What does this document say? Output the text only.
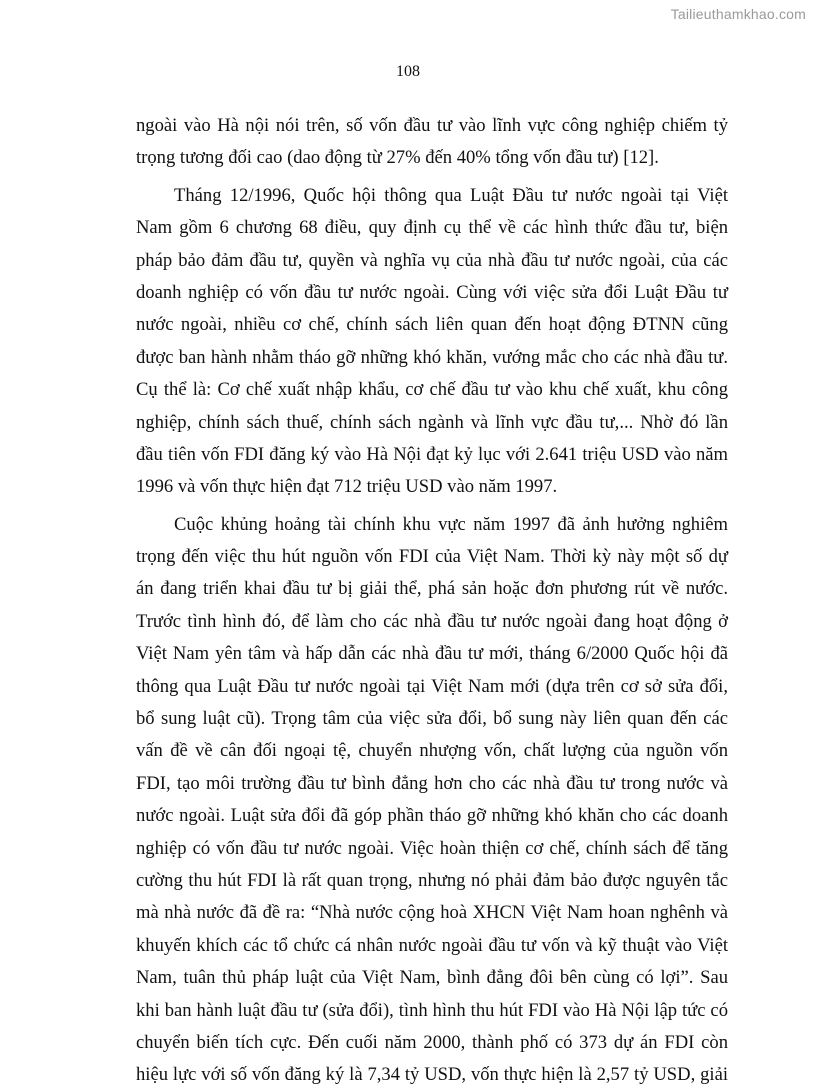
Tailieuthamkhao.com
108
ngoài vào Hà nội nói trên, số vốn đầu tư vào lĩnh vực công nghiệp chiếm tỷ
trọng tương đối cao (dao động từ 27% đến 40% tổng vốn đầu tư) [12].
Tháng 12/1996, Quốc hội thông qua Luật Đầu tư nước ngoài tại Việt
Nam gồm 6 chương 68 điều, quy định cụ thể về các hình thức đầu tư, biện
pháp bảo đảm đầu tư, quyền và nghĩa vụ của nhà đầu tư nước ngoài, của các
doanh nghiệp có vốn đầu tư nước ngoài. Cùng với việc sửa đổi Luật Đầu tư
nước ngoài, nhiều cơ chế, chính sách liên quan đến hoạt động ĐTNN cũng
được ban hành nhằm tháo gỡ những khó khăn, vướng mắc cho các nhà đầu tư.
Cụ thể là: Cơ chế xuất nhập khẩu, cơ chế đầu tư vào khu chế xuất, khu công
nghiệp, chính sách thuế, chính sách ngành và lĩnh vực đầu tư,... Nhờ đó lần
đầu tiên vốn FDI đăng ký vào Hà Nội đạt kỷ lục với 2.641 triệu USD vào năm
1996 và vốn thực hiện đạt 712 triệu USD vào năm 1997.
Cuộc khủng hoảng tài chính khu vực năm 1997 đã ảnh hưởng nghiêm
trọng đến việc thu hút nguồn vốn FDI của Việt Nam. Thời kỳ này một số dự
án đang triển khai đầu tư bị giải thể, phá sản hoặc đơn phương rút về nước.
Trước tình hình đó, để làm cho các nhà đầu tư nước ngoài đang hoạt động ở
Việt Nam yên tâm và hấp dẫn các nhà đầu tư mới, tháng 6/2000 Quốc hội đã
thông qua Luật Đầu tư nước ngoài tại Việt Nam mới (dựa trên cơ sở sửa đổi,
bổ sung luật cũ). Trọng tâm của việc sửa đổi, bổ sung này liên quan đến các
vấn đề về cân đối ngoại tệ, chuyển nhượng vốn, chất lượng của nguồn vốn
FDI, tạo môi trường đầu tư bình đẳng hơn cho các nhà đầu tư trong nước và
nước ngoài. Luật sửa đổi đã góp phần tháo gỡ những khó khăn cho các doanh
nghiệp có vốn đầu tư nước ngoài. Việc hoàn thiện cơ chế, chính sách để tăng
cường thu hút FDI là rất quan trọng, nhưng nó phải đảm bảo được nguyên tắc
mà nhà nước đã đề ra: “Nhà nước cộng hoà XHCN Việt Nam hoan nghênh và
khuyến khích các tổ chức cá nhân nước ngoài đầu tư vốn và kỹ thuật vào Việt
Nam, tuân thủ pháp luật của Việt Nam, bình đẳng đôi bên cùng có lợi”. Sau
khi ban hành luật đầu tư (sửa đổi), tình hình thu hút FDI vào Hà Nội lập tức có
chuyển biến tích cực. Đến cuối năm 2000, thành phố có 373 dự án FDI còn
hiệu lực với số vốn đăng ký là 7,34 tỷ USD, vốn thực hiện là 2,57 tỷ USD, giải
